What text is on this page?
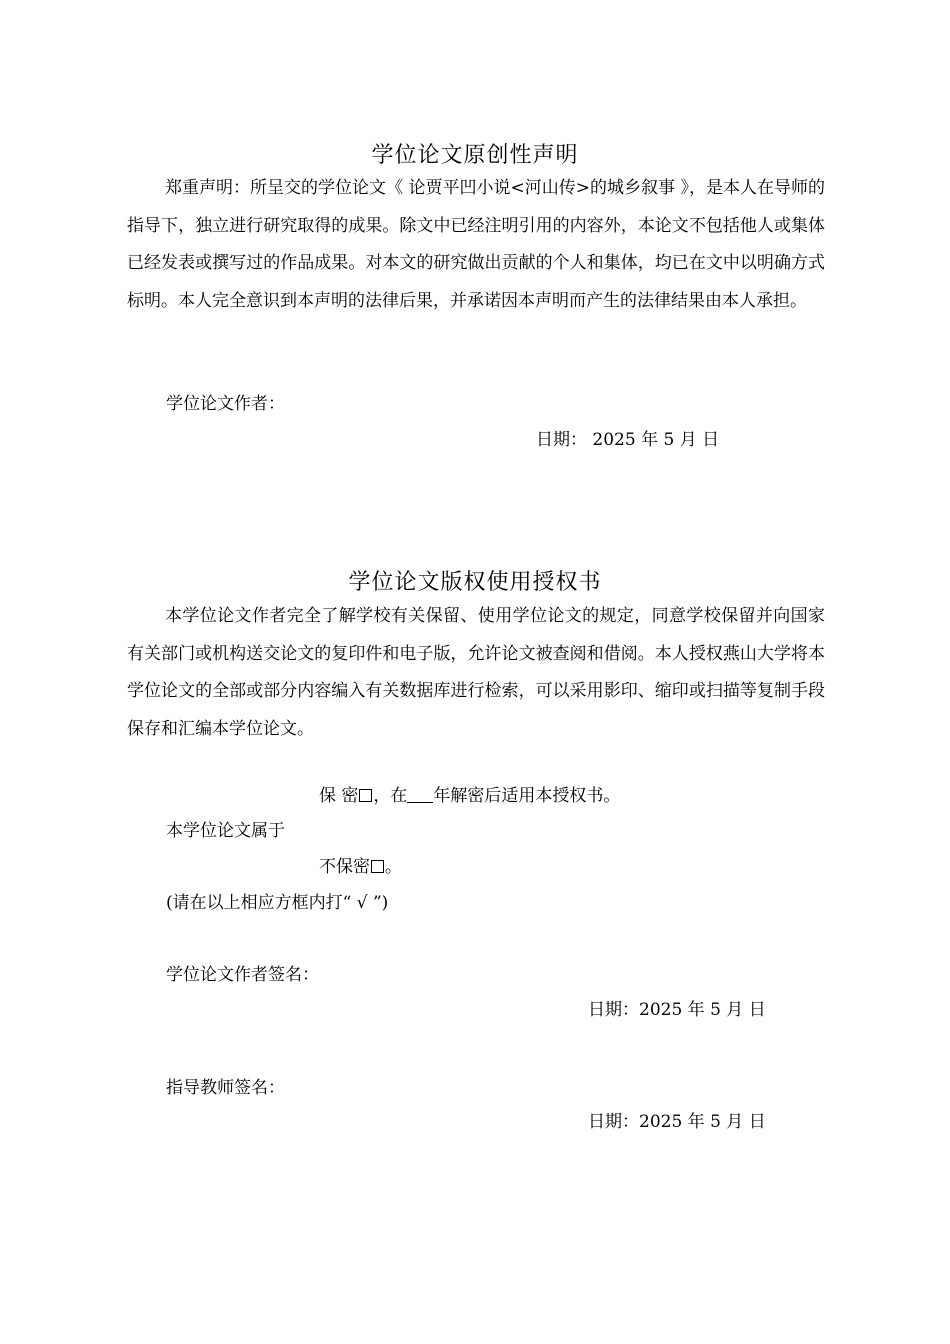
学位论文原创性声明

郑重声明：所呈交的学位论文《 论贾平凹小说<河山传>的城乡叙事 》，是本人在导师的指导下，独立进行研究取得的成果。除文中已经注明引用的内容外，本论文不包括他人或集体已经发表或撰写过的作品成果。对本文的研究做出贡献的个人和集体，均已在文中以明确方式标明。本人完全意识到本声明的法律后果，并承诺因本声明而产生的法律结果由本人承担。

学位论文作者：
日期： 2025 年 5 月 日
学位论文版权使用授权书

本学位论文作者完全了解学校有关保留、使用学位论文的规定，同意学校保留并向国家有关部门或机构送交论文的复印件和电子版，允许论文被查阅和借阅。本人授权燕山大学将本学位论文的全部或部分内容编入有关数据库进行检索，可以采用影印、缩印或扫描等复制手段保存和汇编本学位论文。

保 密 ，在 年解密后适用本授权书。
本学位论文属于
不保密 。
(请在以上相应方框内打“ √ ”)
学位论文作者签名：
日期：2025 年 5 月 日
指导教师签名：
日期：2025 年 5 月 日
